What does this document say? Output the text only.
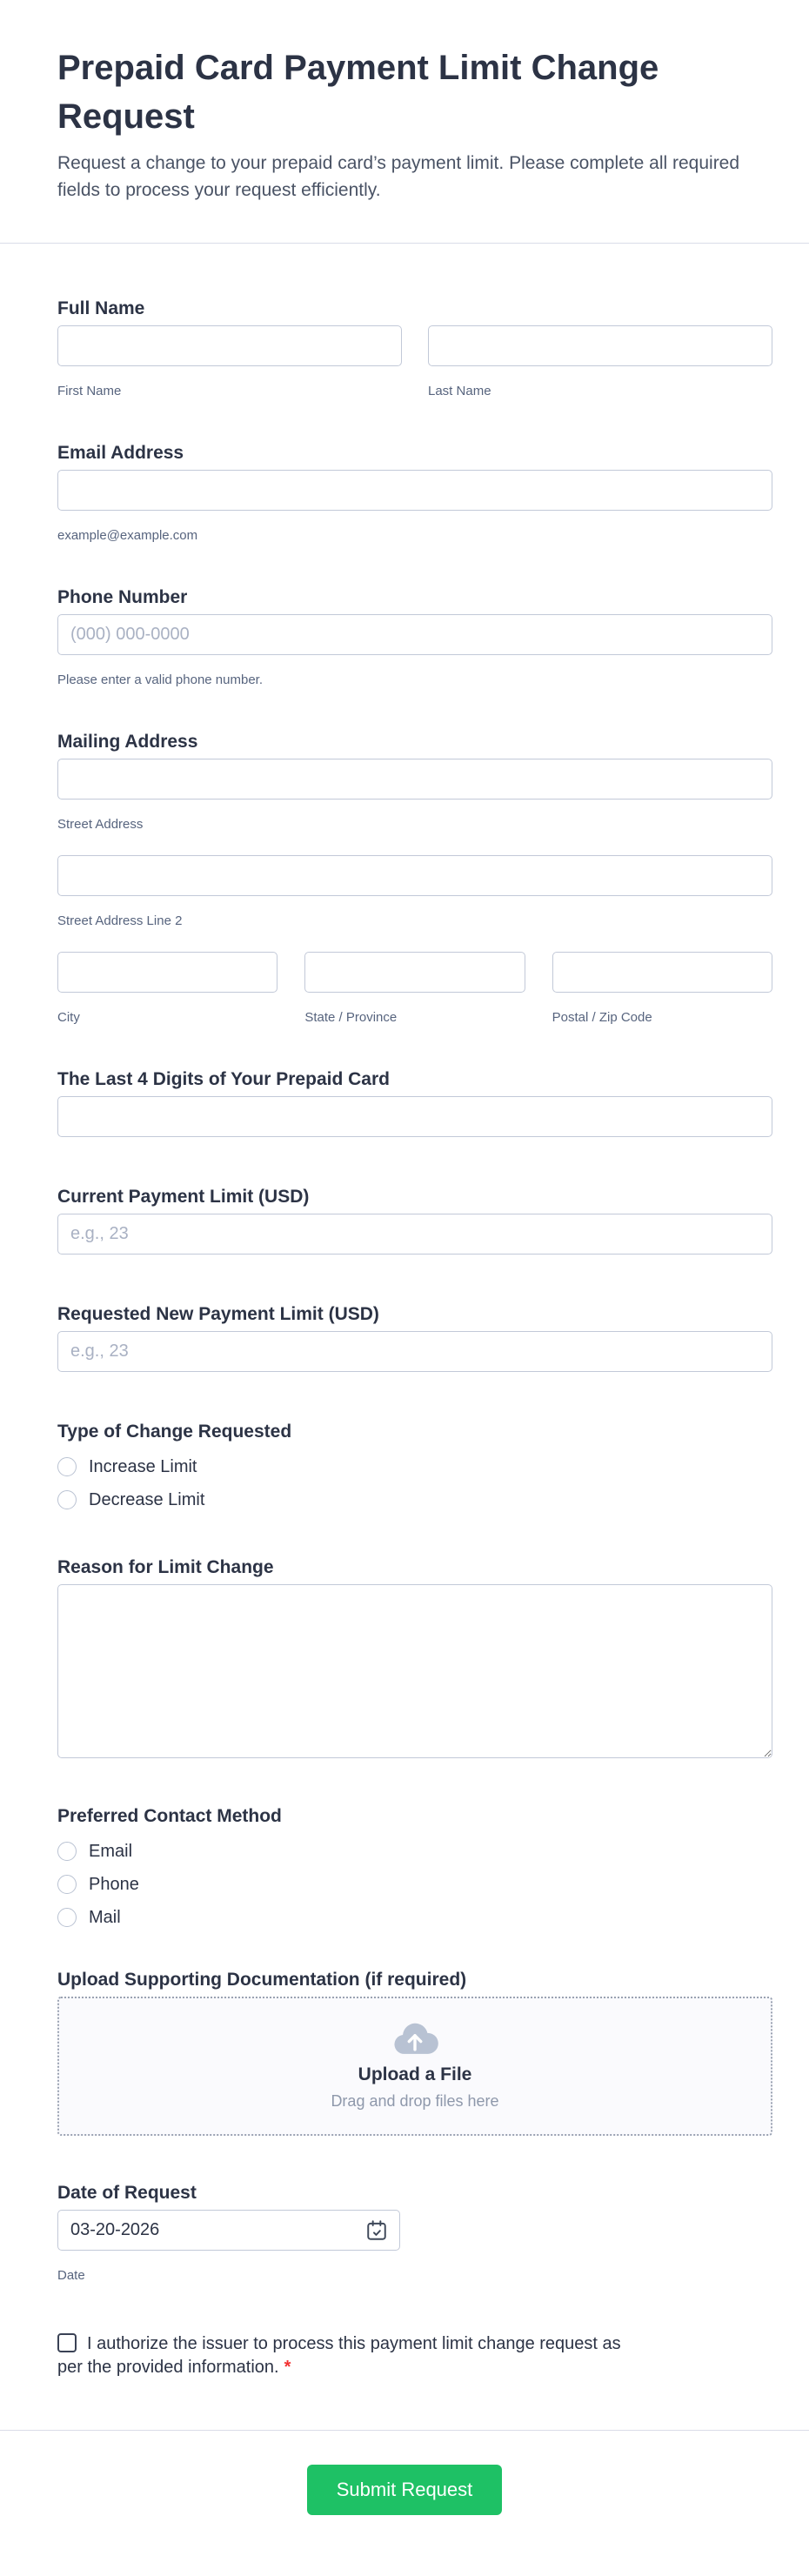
Prepaid Card Payment Limit Change Request

Request a change to your prepaid card’s payment limit. Please complete all required fields to process your request efficiently.

Full Name
First Name	Last Name
Email Address
example@example.com
Phone Number
(000) 000-0000
Please enter a valid phone number.
Mailing Address
Street Address
Street Address Line 2
City	State / Province	Postal / Zip Code
The Last 4 Digits of Your Prepaid Card
Current Payment Limit (USD)
e.g., 23
Requested New Payment Limit (USD)
e.g., 23
Type of Change Requested
Increase Limit
Decrease Limit
Reason for Limit Change
Preferred Contact Method
Email
Phone
Mail
Upload Supporting Documentation (if required)
Upload a File
Drag and drop files here
Date of Request
03-20-2026
Date
I authorize the issuer to process this payment limit change request as
per the provided information. *
Submit Request
